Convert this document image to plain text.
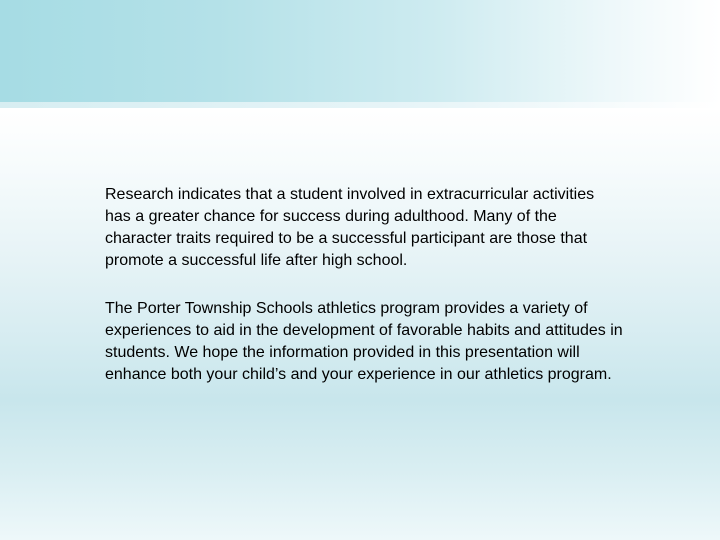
Research indicates that a student involved in extracurricular activities has a greater chance for success during adulthood. Many of the character traits required to be a successful participant are those that promote a successful life after high school.

The Porter Township Schools athletics program provides a variety of experiences to aid in the development of favorable habits and attitudes in students. We hope the information provided in this presentation will enhance both your child’s and your experience in our athletics program.
